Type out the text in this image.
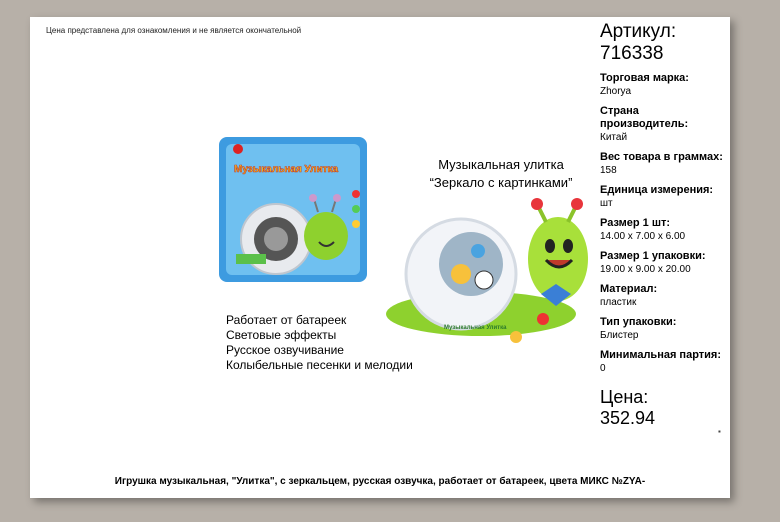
Цена представлена для ознакомления и не является окончательной
Музыкальная Улитка	Музыкальная улитка
“Зеркало с картинками”
Музыкальная Улитка
Работает от батареек
Световые эффекты
Русское озвучивание
Колыбельные песенки и мелодии
Артикул:
716338
Торговая марка:
Zhorya
Страна производитель:
Китай
Вес товара в граммах:
158
Единица измерения:
шт
Размер 1 шт:
14.00 x 7.00 x 6.00
Размер 1 упаковки:
19.00 x 9.00 x 20.00
Материал:
пластик
Тип упаковки:
Блистер
Минимальная партия:
0
Цена:
352.94
▪
Игрушка музыкальная, "Улитка", с зеркальцем, русская озвучка, работает от батареек, цвета МИКС №ZYA-
